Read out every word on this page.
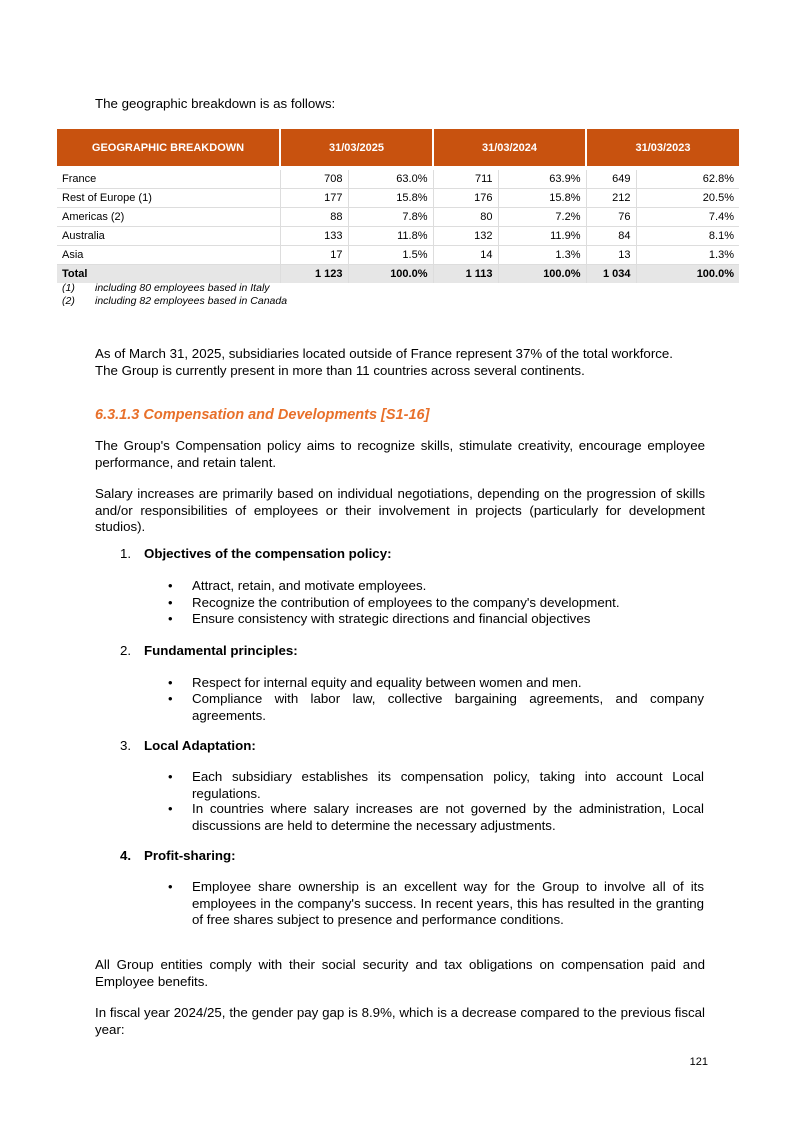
The geographic breakdown is as follows:

GEOGRAPHIC BREAKDOWN	31/03/2025		31/03/2024		31/03/2023	

France	708	63.0%	711	63.9%	649	62.8%
Rest of Europe (1)	177	15.8%	176	15.8%	212	20.5%
Americas (2)	88	7.8%	80	7.2%	76	7.4%
Australia	133	11.8%	132	11.9%	84	8.1%
Asia	17	1.5%	14	1.3%	13	1.3%
Total	1 123	100.0%	1 113	100.0%	1 034	100.0%
(1) including 80 employees based in Italy
(2) including 82 employees based in Canada

As of March 31, 2025, subsidiaries located outside of France represent 37% of the total workforce.

The Group is currently present in more than 11 countries across several continents.

6.3.1.3 Compensation and Developments [S1-16]

The Group's Compensation policy aims to recognize skills, stimulate creativity, encourage employee performance, and retain talent.

Salary increases are primarily based on individual negotiations, depending on the progression of skills and/or responsibilities of employees or their involvement in projects (particularly for development studios).

1. Objectives of the compensation policy:

• Attract, retain, and motivate employees.

• Recognize the contribution of employees to the company's development.

• Ensure consistency with strategic directions and financial objectives

2. Fundamental principles:

• Respect for internal equity and equality between women and men.

• Compliance with labor law, collective bargaining agreements, and company agreements.

3. Local Adaptation:

• Each subsidiary establishes its compensation policy, taking into account Local regulations.

• In countries where salary increases are not governed by the administration, Local discussions are held to determine the necessary adjustments.

4. Profit-sharing:

• Employee share ownership is an excellent way for the Group to involve all of its employees in the company's success. In recent years, this has resulted in the granting of free shares subject to presence and performance conditions.

All Group entities comply with their social security and tax obligations on compensation paid and Employee benefits.

In fiscal year 2024/25, the gender pay gap is 8.9%, which is a decrease compared to the previous fiscal year:

121
